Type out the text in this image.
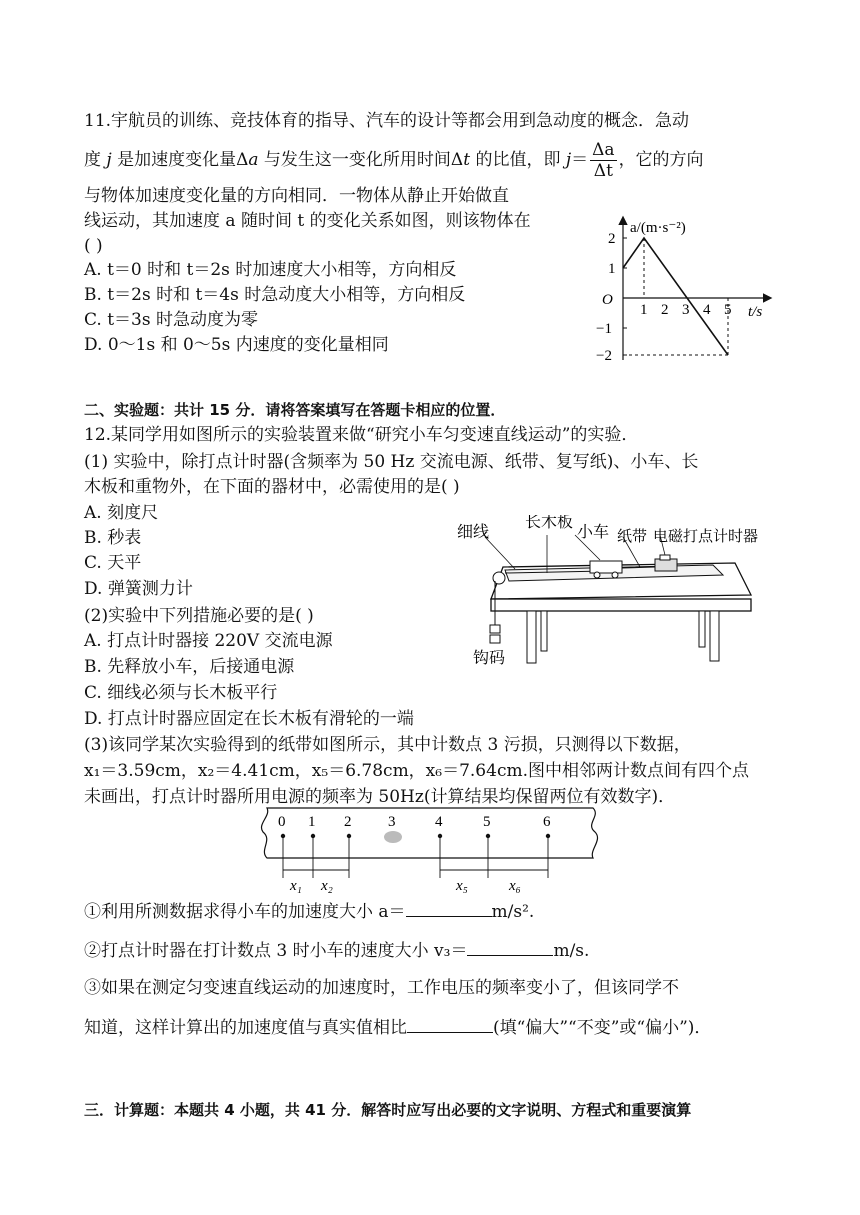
11.宇航员的训练、竞技体育的指导、汽车的设计等都会用到急动度的概念．急动
度 j 是加速度变化量Δa 与发生这一变化所用时间Δt 的比值，即 $j= \frac{\Delta a}{\Delta t}$ ，它的方向
与物体加速度变化量的方向相同．一物体从静止开始做直
线运动，其加速度 a 随时间 t 的变化关系如图，则该物体在
( )
A. t＝0 时和 t＝2s 时加速度大小相等，方向相反
B. t＝2s 时和 t＝4s 时急动度大小相等，方向相反
C. t＝3s 时急动度为零
D. 0～1s 和 0～5s 内速度的变化量相同
a/(m·s⁻²)
t/s
O
2
1
−1
−2
1 2 3 4 5
二、实验题：共计 15 分．请将答案填写在答题卡相应的位置．
12.某同学用如图所示的实验装置来做“研究小车匀变速直线运动”的实验．
(1) 实验中，除打点计时器(含频率为 50 Hz 交流电源、纸带、复写纸)、小车、长
木板和重物外，在下面的器材中，必需使用的是( )
A. 刻度尺
B. 秒表
C. 天平
D. 弹簧测力计
(2)实验中下列措施必要的是( )
A. 打点计时器接 220V 交流电源
B. 先释放小车，后接通电源
C. 细线必须与长木板平行
D. 打点计时器应固定在长木板有滑轮的一端
细线
长木板
小车 纸带 电磁打点计时器
钩码
(3)该同学某次实验得到的纸带如图所示，其中计数点 3 污损，只测得以下数据，
x₁＝3.59cm，x₂＝4.41cm，x₅＝6.78cm，x₆＝7.64cm.图中相邻两计数点间有四个点
未画出，打点计时器所用电源的频率为 50Hz(计算结果均保留两位有效数字)．
0 1 2 3	4	5	6
x₁ x₂	x₅	x₆
①利用所测数据求得小车的加速度大小 a＝	m/s².
②打点计时器在打计数点 3 时小车的速度大小 v₃＝	m/s.
③如果在测定匀变速直线运动的加速度时，工作电压的频率变小了，但该同学不
知道，这样计算出的加速度值与真实值相比	(填“偏大”“不变”或“偏小”)．
三．计算题：本题共 4 小题，共 41 分．解答时应写出必要的文字说明、方程式和重要演算
